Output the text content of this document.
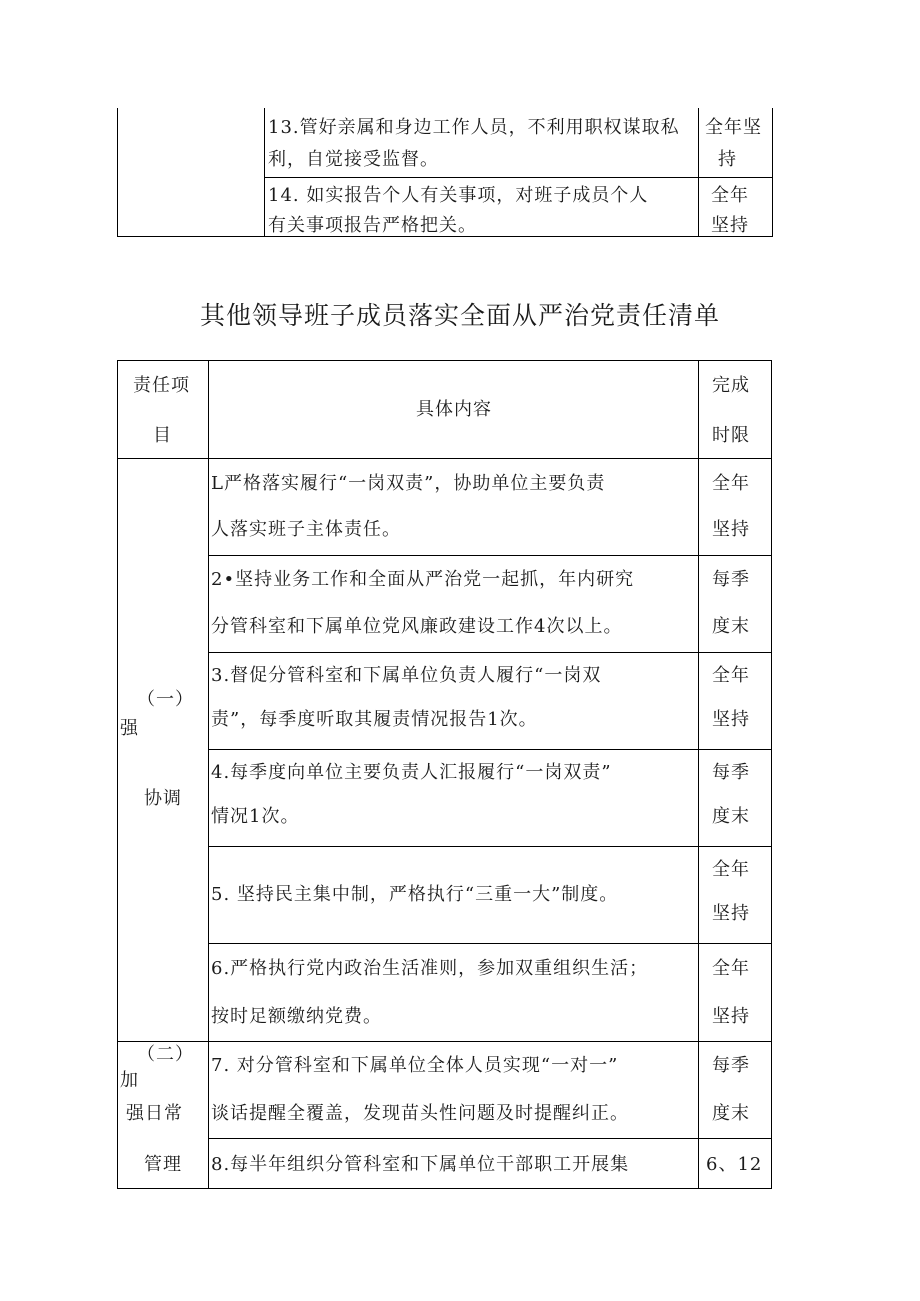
13.管好亲属和身边工作人员，不利用职权谋取私
利，自觉接受监督。
全年坚
持
14. 如实报告个人有关事项，对班子成员个人
有关事项报告严格把关。
全年
坚持
其他领导班子成员落实全面从严治党责任清单
责任项
目
具体内容
完成
时限
（一）
强
协调
（二）
加
强日常
管理
L严格落实履行“一岗双责”，协助单位主要负责
人落实班子主体责任。
全年
坚持
2•坚持业务工作和全面从严治党一起抓，年内研究
分管科室和下属单位党风廉政建设工作4次以上。
每季
度末
3.督促分管科室和下属单位负责人履行“一岗双
责”，每季度听取其履责情况报告1次。
全年
坚持
4.每季度向单位主要负责人汇报履行“一岗双责”
情况1次。
每季
度末
5. 坚持民主集中制，严格执行“三重一大”制度。
全年
坚持
6.严格执行党内政治生活准则，参加双重组织生活；
按时足额缴纳党费。
全年
坚持
7. 对分管科室和下属单位全体人员实现“一对一”
谈话提醒全覆盖，发现苗头性问题及时提醒纠正。
每季
度末
8.每半年组织分管科室和下属单位干部职工开展集	6、12
